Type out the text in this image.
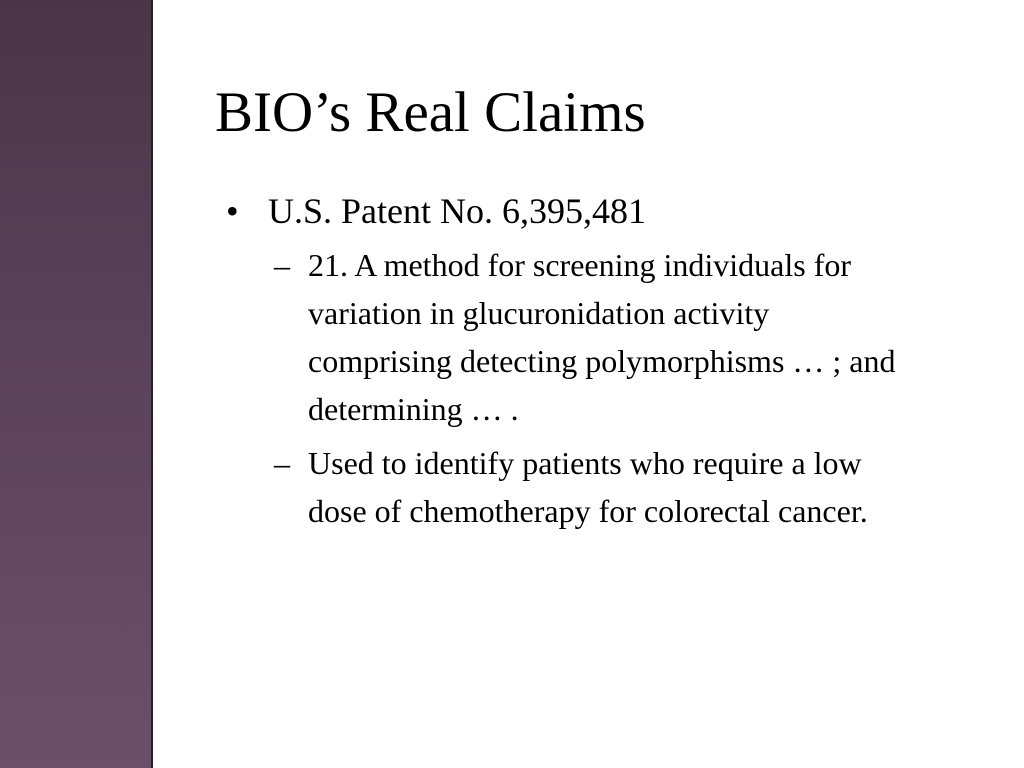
BIO’s Real Claims
• U.S. Patent No. 6,395,481
– 21. A method for screening individuals for variation in glucuronidation activity comprising detecting polymorphisms … ; and determining … .
– Used to identify patients who require a low dose of chemotherapy for colorectal cancer.
